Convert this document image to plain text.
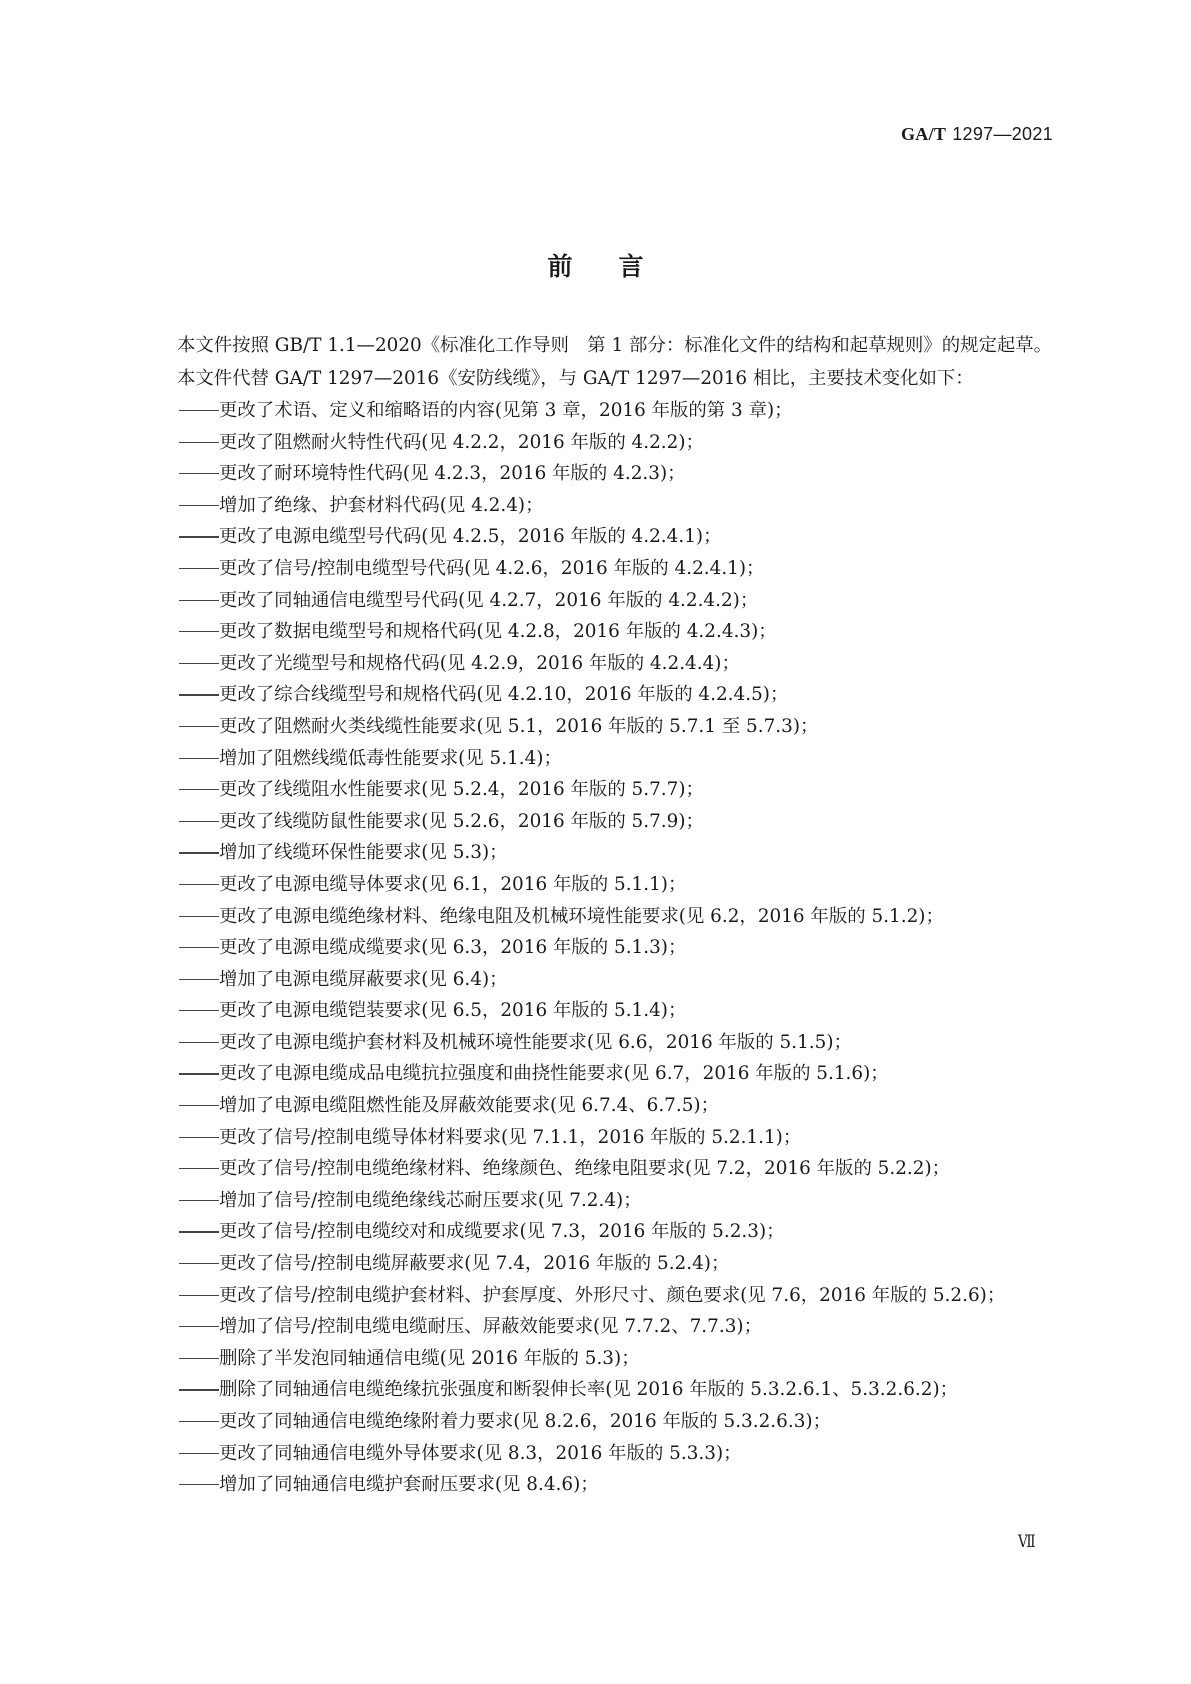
GA/T 1297—2021
前言

本文件按照 GB/T 1.1—2020《标准化工作导则　第 1 部分：标准化文件的结构和起草规则》的规定起草。

本文件代替 GA/T 1297—2016《安防线缆》，与 GA/T 1297—2016 相比，主要技术变化如下：

更改了术语、定义和缩略语的内容(见第 3 章，2016 年版的第 3 章)；
更改了阻燃耐火特性代码(见 4.2.2，2016 年版的 4.2.2)；
更改了耐环境特性代码(见 4.2.3，2016 年版的 4.2.3)；
增加了绝缘、护套材料代码(见 4.2.4)；
更改了电源电缆型号代码(见 4.2.5，2016 年版的 4.2.4.1)；
更改了信号/控制电缆型号代码(见 4.2.6，2016 年版的 4.2.4.1)；
更改了同轴通信电缆型号代码(见 4.2.7，2016 年版的 4.2.4.2)；
更改了数据电缆型号和规格代码(见 4.2.8，2016 年版的 4.2.4.3)；
更改了光缆型号和规格代码(见 4.2.9，2016 年版的 4.2.4.4)；
更改了综合线缆型号和规格代码(见 4.2.10，2016 年版的 4.2.4.5)；
更改了阻燃耐火类线缆性能要求(见 5.1，2016 年版的 5.7.1 至 5.7.3)；
增加了阻燃线缆低毒性能要求(见 5.1.4)；
更改了线缆阻水性能要求(见 5.2.4，2016 年版的 5.7.7)；
更改了线缆防鼠性能要求(见 5.2.6，2016 年版的 5.7.9)；
增加了线缆环保性能要求(见 5.3)；
更改了电源电缆导体要求(见 6.1，2016 年版的 5.1.1)；
更改了电源电缆绝缘材料、绝缘电阻及机械环境性能要求(见 6.2，2016 年版的 5.1.2)；
更改了电源电缆成缆要求(见 6.3，2016 年版的 5.1.3)；
增加了电源电缆屏蔽要求(见 6.4)；
更改了电源电缆铠装要求(见 6.5，2016 年版的 5.1.4)；
更改了电源电缆护套材料及机械环境性能要求(见 6.6，2016 年版的 5.1.5)；
更改了电源电缆成品电缆抗拉强度和曲挠性能要求(见 6.7，2016 年版的 5.1.6)；
增加了电源电缆阻燃性能及屏蔽效能要求(见 6.7.4、6.7.5)；
更改了信号/控制电缆导体材料要求(见 7.1.1，2016 年版的 5.2.1.1)；
更改了信号/控制电缆绝缘材料、绝缘颜色、绝缘电阻要求(见 7.2，2016 年版的 5.2.2)；
增加了信号/控制电缆绝缘线芯耐压要求(见 7.2.4)；
更改了信号/控制电缆绞对和成缆要求(见 7.3，2016 年版的 5.2.3)；
更改了信号/控制电缆屏蔽要求(见 7.4，2016 年版的 5.2.4)；
更改了信号/控制电缆护套材料、护套厚度、外形尺寸、颜色要求(见 7.6，2016 年版的 5.2.6)；
增加了信号/控制电缆电缆耐压、屏蔽效能要求(见 7.7.2、7.7.3)；
删除了半发泡同轴通信电缆(见 2016 年版的 5.3)；
删除了同轴通信电缆绝缘抗张强度和断裂伸长率(见 2016 年版的 5.3.2.6.1、5.3.2.6.2)；
更改了同轴通信电缆绝缘附着力要求(见 8.2.6，2016 年版的 5.3.2.6.3)；
更改了同轴通信电缆外导体要求(见 8.3，2016 年版的 5.3.3)；
增加了同轴通信电缆护套耐压要求(见 8.4.6)；
Ⅶ
